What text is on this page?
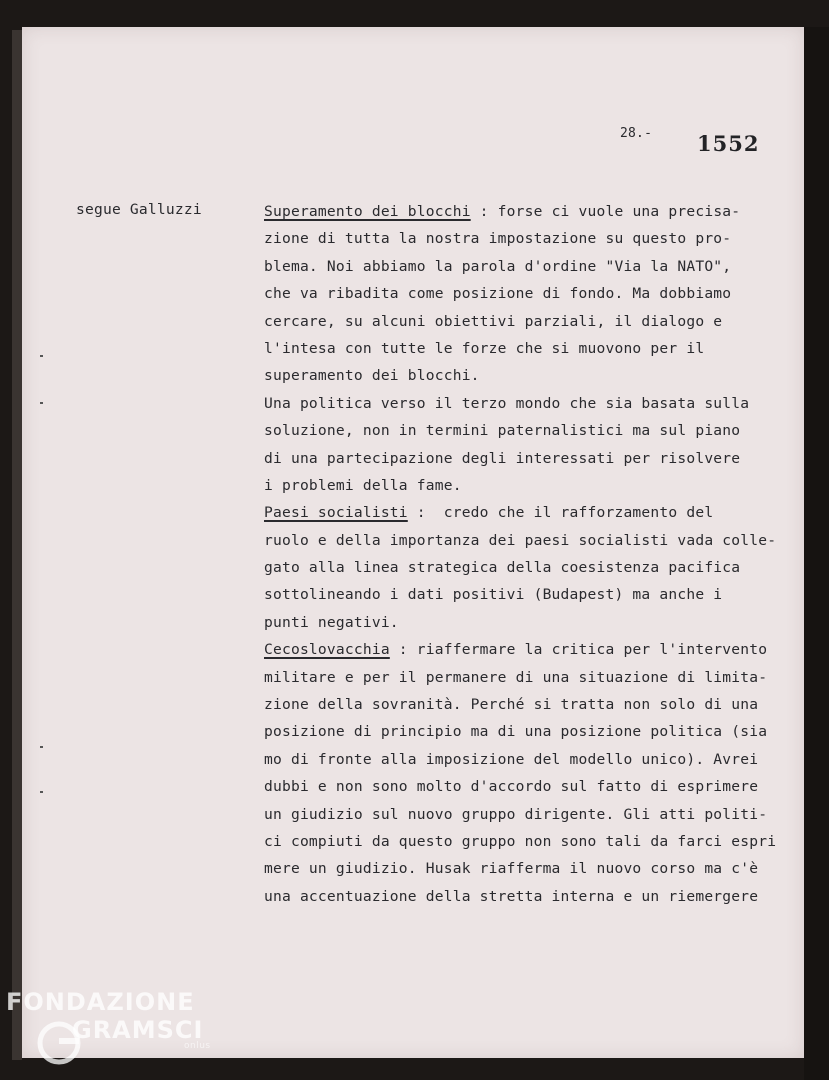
28.- 1552
segue Galluzzi	Superamento dei blocchi : forse ci vuole una precisa-
zione di tutta la nostra impostazione su questo pro-
blema. Noi abbiamo la parola d'ordine "Via la NATO",
che va ribadita come posizione di fondo. Ma dobbiamo
cercare, su alcuni obiettivi parziali, il dialogo e
l'intesa con tutte le forze che si muovono per il
superamento dei blocchi.
Una politica verso il terzo mondo che sia basata sulla
soluzione, non in termini paternalistici ma sul piano
di una partecipazione degli interessati per risolvere
i problemi della fame.
Paesi socialisti :  credo che il rafforzamento del
ruolo e della importanza dei paesi socialisti vada colle-
gato alla linea strategica della coesistenza pacifica
sottolineando i dati positivi (Budapest) ma anche i
punti negativi.
Cecoslovacchia : riaffermare la critica per l'intervento
militare e per il permanere di una situazione di limita-
zione della sovranità. Perché si tratta non solo di una
posizione di principio ma di una posizione politica (sia
mo di fronte alla imposizione del modello unico). Avrei
dubbi e non sono molto d'accordo sul fatto di esprimere
un giudizio sul nuovo gruppo dirigente. Gli atti politi-
ci compiuti da questo gruppo non sono tali da farci espri
mere un giudizio. Husak riafferma il nuovo corso ma c'è
una accentuazione della stretta interna e un riemergere
FONDAZIONE
GRAMSCI
onlus
